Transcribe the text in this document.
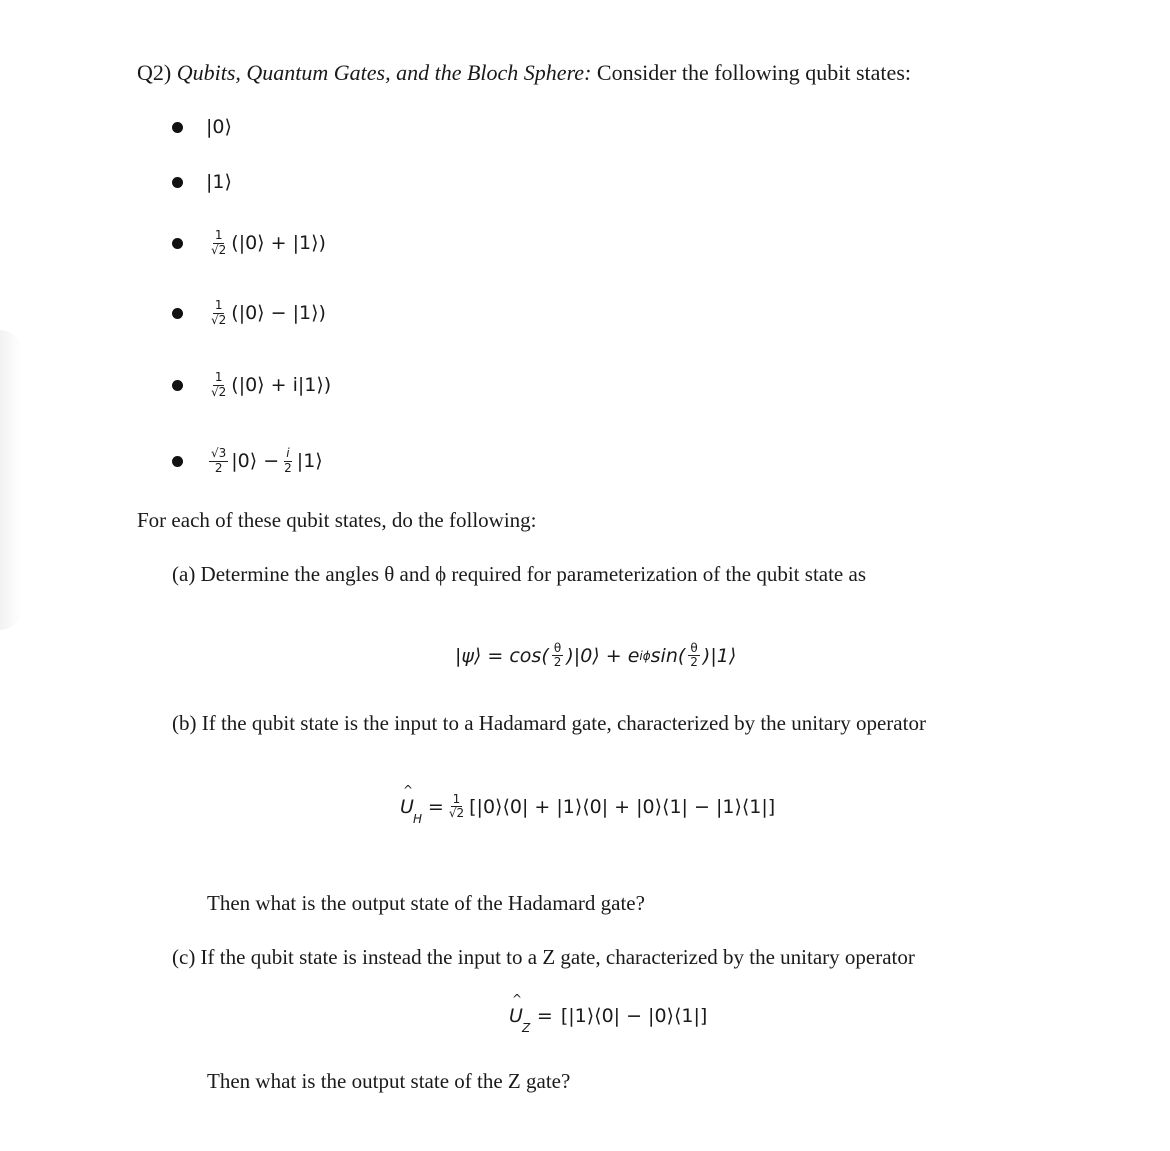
Q2) Qubits, Quantum Gates, and the Bloch Sphere: Consider the following qubit states:
|0⟩
|1⟩
$\frac{1}{√2}$ (|0⟩ + |1⟩)
$\frac{1}{√2}$ (|0⟩ − |1⟩)
$\frac{1}{√2}$ (|0⟩ + i|1⟩)
$\frac{√3}{2}$ |0⟩ − $\frac{i}{2}$ |1⟩
For each of these qubit states, do the following:
(a) Determine the angles θ and ϕ required for parameterization of the qubit state as
|ψ⟩ = $\cos( \frac{\theta}{2}$ )|0⟩ + e iϕ $\sin( \frac{\theta}{2}$ )|1⟩
(b) If the qubit state is the input to a Hadamard gate, characterized by the unitary operator
U
^
H
= $\frac{1}{√2}$ [|0⟩⟨0| + |1⟩⟨0| + |0⟩⟨1| − |1⟩⟨1|]
Then what is the output state of the Hadamard gate?
(c) If the qubit state is instead the input to a Z gate, characterized by the unitary operator
U
^
Z
= [|1⟩⟨0| − |0⟩⟨1|]
Then what is the output state of the Z gate?
